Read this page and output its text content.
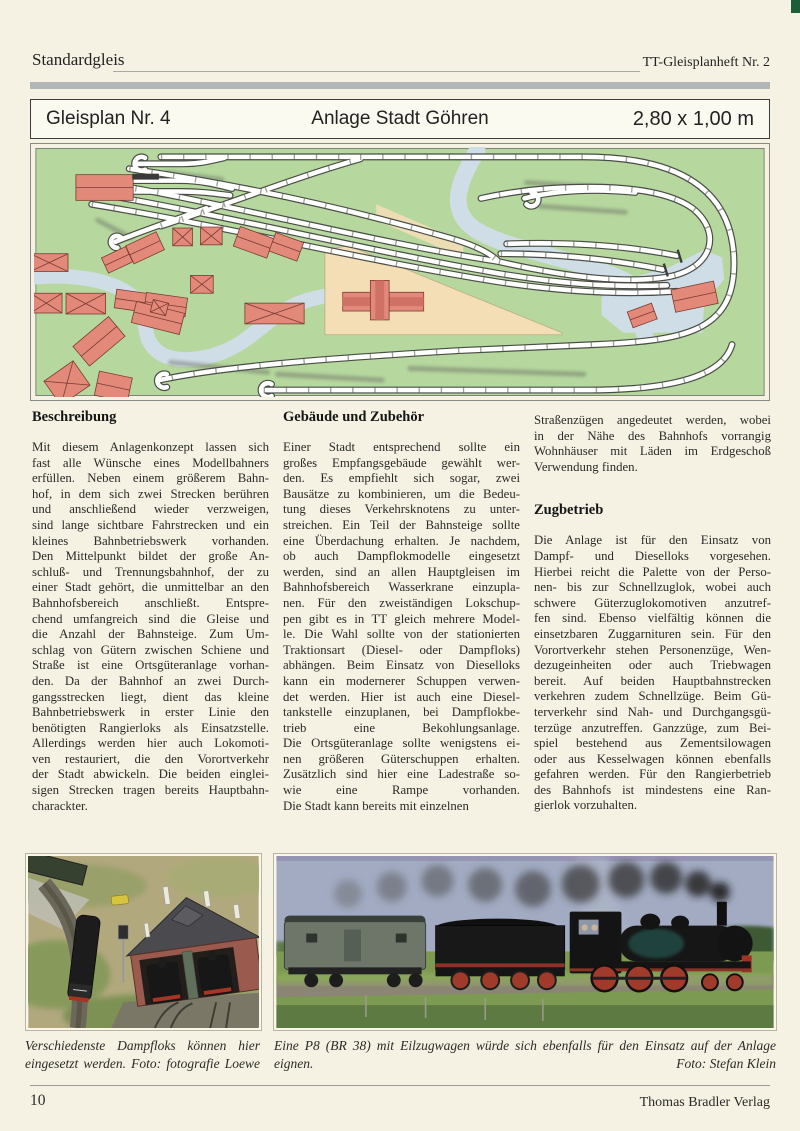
Standardgleis	TT-Gleisplanheft Nr. 2
Gleisplan Nr. 4	Anlage Stadt Göhren	2,80 x 1,00 m
Beschreibung
Mit diesem Anlagenkonzept lassen sich
fast alle Wünsche eines Modellbahners
erfüllen. Neben einem größerem Bahn-
hof, in dem sich zwei Strecken berühren
und anschließend wieder verzweigen,
sind lange sichtbare Fahrstrecken und ein
kleines Bahnbetriebswerk vorhanden.
Den Mittelpunkt bildet der große An-
schluß- und Trennungsbahnhof, der zu
einer Stadt gehört, die unmittelbar an den
Bahnhofsbereich anschließt. Entspre-
chend umfangreich sind die Gleise und
die Anzahl der Bahnsteige. Zum Um-
schlag von Gütern zwischen Schiene und
Straße ist eine Ortsgüteranlage vorhan-
den. Da der Bahnhof an zwei Durch-
gangsstrecken liegt, dient das kleine
Bahnbetriebswerk in erster Linie den
benötigten Rangierloks als Einsatzstelle.
Allerdings werden hier auch Lokomoti-
ven restauriert, die den Vorortverkehr
der Stadt abwickeln. Die beiden einglei-
sigen Strecken tragen bereits Hauptbahn-
charackter.
Gebäude und Zubehör
Einer Stadt entsprechend sollte ein
großes Empfangsgebäude gewählt wer-
den. Es empfiehlt sich sogar, zwei
Bausätze zu kombinieren, um die Bedeu-
tung dieses Verkehrsknotens zu unter-
streichen. Ein Teil der Bahnsteige sollte
eine Überdachung erhalten. Je nachdem,
ob auch Dampflokmodelle eingesetzt
werden, sind an allen Hauptgleisen im
Bahnhofsbereich Wasserkrane einzupla-
nen. Für den zweiständigen Lokschup-
pen gibt es in TT gleich mehrere Model-
le. Die Wahl sollte von der stationierten
Traktionsart (Diesel- oder Dampfloks)
abhängen. Beim Einsatz von Dieselloks
kann ein modernerer Schuppen verwen-
det werden. Hier ist auch eine Diesel-
tankstelle einzuplanen, bei Dampflokbe-
trieb eine Bekohlungsanlage.
Die Ortsgüteranlage sollte wenigstens ei-
nen größeren Güterschuppen erhalten.
Zusätzlich sind hier eine Ladestraße so-
wie eine Rampe vorhanden.
Die Stadt kann bereits mit einzelnen
Straßenzügen angedeutet werden, wobei
in der Nähe des Bahnhofs vorrangig
Wohnhäuser mit Läden im Erdgeschoß
Verwendung finden.
Zugbetrieb
Die Anlage ist für den Einsatz von
Dampf- und Dieselloks vorgesehen.
Hierbei reicht die Palette von der Perso-
nen- bis zur Schnellzuglok, wobei auch
schwere Güterzuglokomotiven anzutref-
fen sind. Ebenso vielfältig können die
einsetzbaren Zuggarnituren sein. Für den
Vorortverkehr stehen Personenzüge, Wen-
dezugeinheiten oder auch Triebwagen
bereit. Auf beiden Hauptbahnstrecken
verkehren zudem Schnellzüge. Beim Gü-
terverkehr sind Nah- und Durchgangsgü-
terzüge anzutreffen. Ganzzüge, zum Bei-
spiel bestehend aus Zementsilowagen
oder aus Kesselwagen können ebenfalls
gefahren werden. Für den Rangierbetrieb
des Bahnhofs ist mindestens eine Ran-
gierlok vorzuhalten.
Verschiedenste Dampfloks können hier
eingesetzt werden. Foto: fotografie Loewe
Eine P8 (BR 38) mit Eilzugwagen würde sich ebenfalls für den Einsatz auf der Anlage
eignen.	Foto: Stefan Klein
10	Thomas Bradler Verlag
